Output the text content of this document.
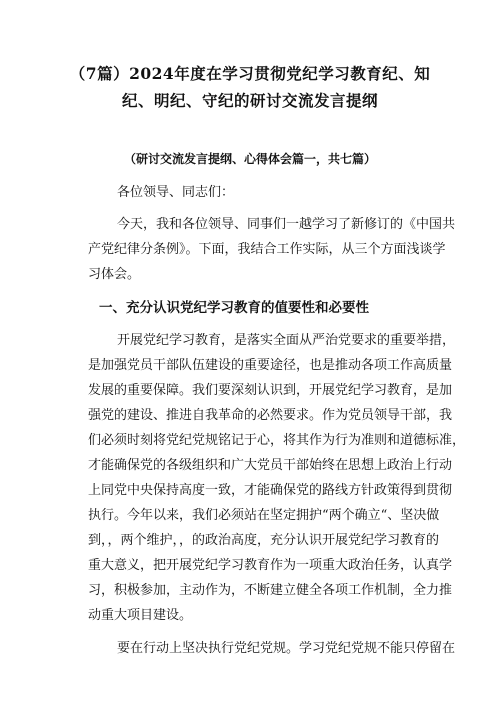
（7篇）2024年度在学习贯彻党纪学习教育纪、知
纪、明纪、守纪的研讨交流发言提纲
（研讨交流发言提纲、心得体会篇一，共七篇）
各位领导、同志们：
今天，我和各位领导、同事们一越学习了新修订的《中国共
产党纪律分条例》。下面，我结合工作实际，从三个方面浅谈学
习体会。
一、充分认识党纪学习教育的值要性和必要性
开展党纪学习教育，是落实全面从严治党要求的重要举措，
是加强党员干部队伍建设的重要途径，也是推动各项工作高质量
发展的重要保障。我们要深刻认识到，开展党纪学习教育，是加
强党的建设、推进自我革命的必然要求。作为党员领导干部，我
们必须时刻将党纪党规铭记于心，将其作为行为准则和道德标准，
才能确保党的各级组织和广大党员干部始终在思想上政治上行动
上同党中央保持高度一致，才能确保党的路线方针政策得到贯彻
执行。今年以来，我们必须站在坚定拥护“两个确立“、坚决做
到，，两个维护，，的政治高度，充分认识开展党纪学习教育的
重大意义，把开展党纪学习教育作为一项重大政治任务，认真学
习，积极参加，主动作为，不断建立健全各项工作机制，全力推
动重大项目建设。
要在行动上坚决执行党纪党规。学习党纪党规不能只停留在
